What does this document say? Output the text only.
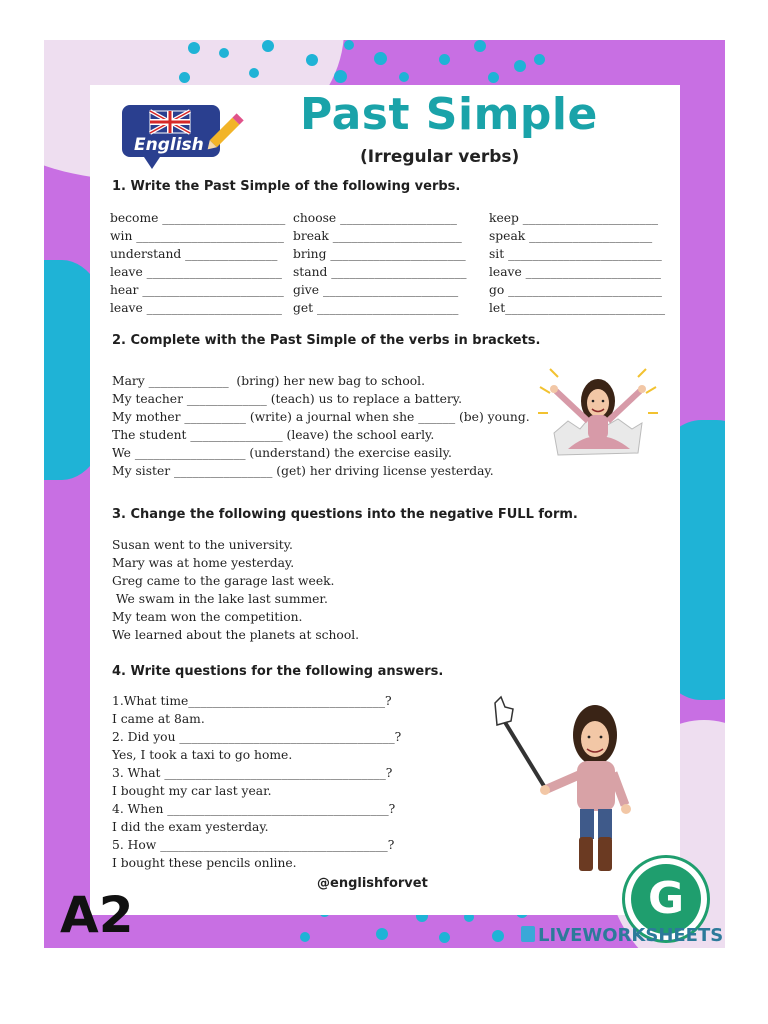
English
Past Simple
(Irregular verbs)
1. Write the Past Simple of the following verbs.
become ____________________
win ________________________
understand _______________
leave ______________________
hear _______________________
leave ______________________
choose ___________________
break _____________________
bring ______________________
stand ______________________
give ______________________
get _______________________
keep ______________________
speak ____________________
sit _________________________
leave ______________________
go _________________________
let__________________________
2. Complete with the Past Simple of the verbs in brackets.
Mary _____________  (bring) her new bag to school.
My teacher _____________ (teach) us to replace a battery.
My mother __________ (write) a journal when she ______ (be) young.
The student _______________ (leave) the school early.
We __________________ (understand) the exercise easily.
My sister ________________ (get) her driving license yesterday.
3. Change the following questions into the negative FULL form.
Susan went to the university.
Mary was at home yesterday.
Greg came to the garage last week.
We swam in the lake last summer.
My team won the competition.
We learned about the planets at school.
4. Write questions for the following answers.
1.What time________________________________?
I came at 8am.
2. Did you ___________________________________?
Yes, I took a taxi to go home.
3. What ____________________________________?
I bought my car last year.
4. When ____________________________________?
I did the exam yesterday.
5. How _____________________________________?
I bought these pencils online.
@englishforvet
A2	G
LIVEWORKSHEETS
